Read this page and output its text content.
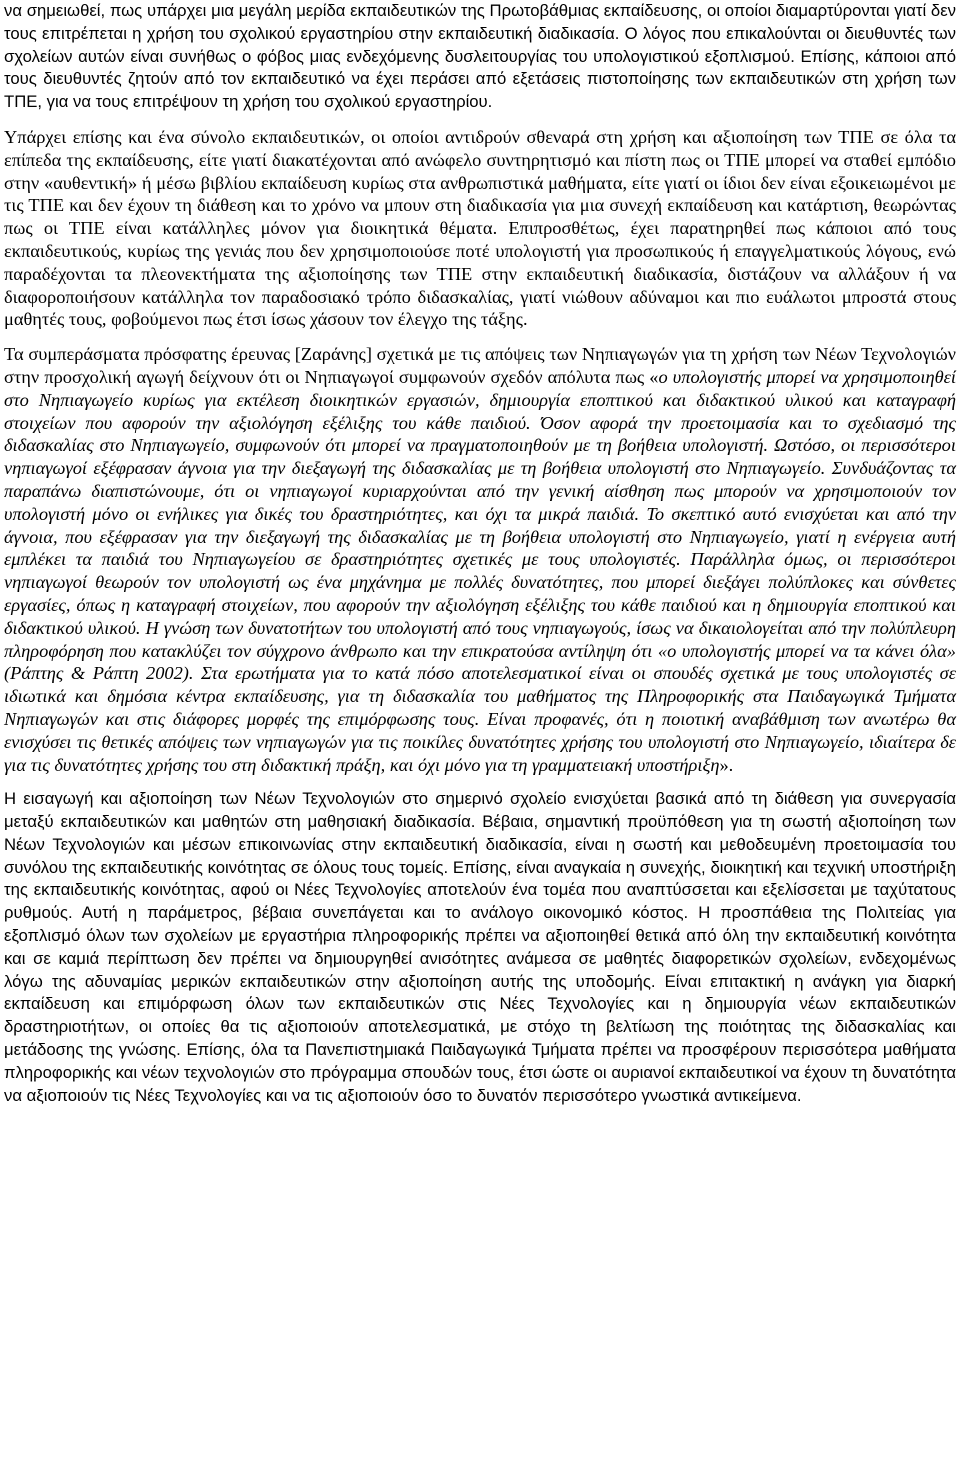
να σημειωθεί, πως υπάρχει μια μεγάλη μερίδα εκπαιδευτικών της Πρωτοβάθμιας εκπαίδευσης, οι οποίοι διαμαρτύρονται γιατί δεν τους επιτρέπεται η χρήση του σχολικού εργαστηρίου στην εκπαιδευτική διαδικασία. Ο λόγος που επικαλούνται οι διευθυντές των σχολείων αυτών είναι συνήθως ο φόβος μιας ενδεχόμενης δυσλειτουργίας του υπολογιστικού εξοπλισμού. Επίσης, κάποιοι από τους διευθυντές ζητούν από τον εκπαιδευτικό να έχει περάσει από εξετάσεις πιστοποίησης των εκπαιδευτικών στη χρήση των ΤΠΕ, για να τους επιτρέψουν τη χρήση του σχολικού εργαστηρίου.

Υπάρχει επίσης και ένα σύνολο εκπαιδευτικών, οι οποίοι αντιδρούν σθεναρά στη χρήση και αξιοποίηση των ΤΠΕ σε όλα τα επίπεδα της εκπαίδευσης, είτε γιατί διακατέχονται από ανώφελο συντηρητισμό και πίστη πως οι ΤΠΕ μπορεί να σταθεί εμπόδιο στην «αυθεντική» ή μέσω βιβλίου εκπαίδευση κυρίως στα ανθρωπιστικά μαθήματα, είτε γιατί οι ίδιοι δεν είναι εξοικειωμένοι με τις ΤΠΕ και δεν έχουν τη διάθεση και το χρόνο να μπουν στη διαδικασία για μια συνεχή εκπαίδευση και κατάρτιση, θεωρώντας πως οι ΤΠΕ είναι κατάλληλες μόνον για διοικητικά θέματα. Επιπροσθέτως, έχει παρατηρηθεί πως κάποιοι από τους εκπαιδευτικούς, κυρίως της γενιάς που δεν χρησιμοποιούσε ποτέ υπολογιστή για προσωπικούς ή επαγγελματικούς λόγους, ενώ παραδέχονται τα πλεονεκτήματα της αξιοποίησης των ΤΠΕ στην εκπαιδευτική διαδικασία, διστάζουν να αλλάξουν ή να διαφοροποιήσουν κατάλληλα τον παραδοσιακό τρόπο διδασκαλίας, γιατί νιώθουν αδύναμοι και πιο ευάλωτοι μπροστά στους μαθητές τους, φοβούμενοι πως έτσι ίσως χάσουν τον έλεγχο της τάξης.

Τα συμπεράσματα πρόσφατης έρευνας [Ζαράνης] σχετικά με τις απόψεις των Νηπιαγωγών για τη χρήση των Νέων Τεχνολογιών στην προσχολική αγωγή δείχνουν ότι οι Νηπιαγωγοί συμφωνούν σχεδόν απόλυτα πως «ο υπολογιστής μπορεί να χρησιμοποιηθεί στο Νηπιαγωγείο κυρίως για εκτέλεση διοικητικών εργασιών, δημιουργία εποπτικού και διδακτικού υλικού και καταγραφή στοιχείων που αφορούν την αξιολόγηση εξέλιξης του κάθε παιδιού. Όσον αφορά την προετοιμασία και το σχεδιασμό της διδασκαλίας στο Νηπιαγωγείο, συμφωνούν ότι μπορεί να πραγματοποιηθούν με τη βοήθεια υπολογιστή. Ωστόσο, οι περισσότεροι νηπιαγωγοί εξέφρασαν άγνοια για την διεξαγωγή της διδασκαλίας με τη βοήθεια υπολογιστή στο Νηπιαγωγείο. Συνδυάζοντας τα παραπάνω διαπιστώνουμε, ότι οι νηπιαγωγοί κυριαρχούνται από την γενική αίσθηση πως μπορούν να χρησιμοποιούν τον υπολογιστή μόνο οι ενήλικες για δικές του δραστηριότητες, και όχι τα μικρά παιδιά. Το σκεπτικό αυτό ενισχύεται και από την άγνοια, που εξέφρασαν για την διεξαγωγή της διδασκαλίας με τη βοήθεια υπολογιστή στο Νηπιαγωγείο, γιατί η ενέργεια αυτή εμπλέκει τα παιδιά του Νηπιαγωγείου σε δραστηριότητες σχετικές με τους υπολογιστές. Παράλληλα όμως, οι περισσότεροι νηπιαγωγοί θεωρούν τον υπολογιστή ως ένα μηχάνημα με πολλές δυνατότητες, που μπορεί διεξάγει πολύπλοκες και σύνθετες εργασίες, όπως η καταγραφή στοιχείων, που αφορούν την αξιολόγηση εξέλιξης του κάθε παιδιού και η δημιουργία εποπτικού και διδακτικού υλικού. Η γνώση των δυνατοτήτων του υπολογιστή από τους νηπιαγωγούς, ίσως να δικαιολογείται από την πολύπλευρη πληροφόρηση που κατακλύζει τον σύγχρονο άνθρωπο και την επικρατούσα αντίληψη ότι «ο υπολογιστής μπορεί να τα κάνει όλα» (Ράπτης & Ράπτη 2002). Στα ερωτήματα για το κατά πόσο αποτελεσματικοί είναι οι σπουδές σχετικά με τους υπολογιστές σε ιδιωτικά και δημόσια κέντρα εκπαίδευσης, για τη διδασκαλία του μαθήματος της Πληροφορικής στα Παιδαγωγικά Τμήματα Νηπιαγωγών και στις διάφορες μορφές της επιμόρφωσης τους. Είναι προφανές, ότι η ποιοτική αναβάθμιση των ανωτέρω θα ενισχύσει τις θετικές απόψεις των νηπιαγωγών για τις ποικίλες δυνατότητες χρήσης του υπολογιστή στο Νηπιαγωγείο, ιδιαίτερα δε για τις δυνατότητες χρήσης του στη διδακτική πράξη, και όχι μόνο για τη γραμματειακή υποστήριξη».

Η εισαγωγή και αξιοποίηση των Νέων Τεχνολογιών στο σημερινό σχολείο ενισχύεται βασικά από τη διάθεση για συνεργασία μεταξύ εκπαιδευτικών και μαθητών στη μαθησιακή διαδικασία. Βέβαια, σημαντική προϋπόθεση για τη σωστή αξιοποίηση των Νέων Τεχνολογιών και μέσων επικοινωνίας στην εκπαιδευτική διαδικασία, είναι η σωστή και μεθοδευμένη προετοιμασία του συνόλου της εκπαιδευτικής κοινότητας σε όλους τους τομείς. Επίσης, είναι αναγκαία η συνεχής, διοικητική και τεχνική υποστήριξη της εκπαιδευτικής κοινότητας, αφού οι Νέες Τεχνολογίες αποτελούν ένα τομέα που αναπτύσσεται και εξελίσσεται με ταχύτατους ρυθμούς. Αυτή η παράμετρος, βέβαια συνεπάγεται και το ανάλογο οικονομικό κόστος. Η προσπάθεια της Πολιτείας για εξοπλισμό όλων των σχολείων με εργαστήρια πληροφορικής πρέπει να αξιοποιηθεί θετικά από όλη την εκπαιδευτική κοινότητα και σε καμιά περίπτωση δεν πρέπει να δημιουργηθεί ανισότητες ανάμεσα σε μαθητές διαφορετικών σχολείων, ενδεχομένως λόγω της αδυναμίας μερικών εκπαιδευτικών στην αξιοποίηση αυτής της υποδομής. Είναι επιτακτική η ανάγκη για διαρκή εκπαίδευση και επιμόρφωση όλων των εκπαιδευτικών στις Νέες Τεχνολογίες και η δημιουργία νέων εκπαιδευτικών δραστηριοτήτων, οι οποίες θα τις αξιοποιούν αποτελεσματικά, με στόχο τη βελτίωση της ποιότητας της διδασκαλίας και μετάδοσης της γνώσης. Επίσης, όλα τα Πανεπιστημιακά Παιδαγωγικά Τμήματα πρέπει να προσφέρουν περισσότερα μαθήματα πληροφορικής και νέων τεχνολογιών στο πρόγραμμα σπουδών τους, έτσι ώστε οι αυριανοί εκπαιδευτικοί να έχουν τη δυνατότητα να αξιοποιούν τις Νέες Τεχνολογίες και να τις αξιοποιούν όσο το δυνατόν περισσότερο γνωστικά αντικείμενα.
